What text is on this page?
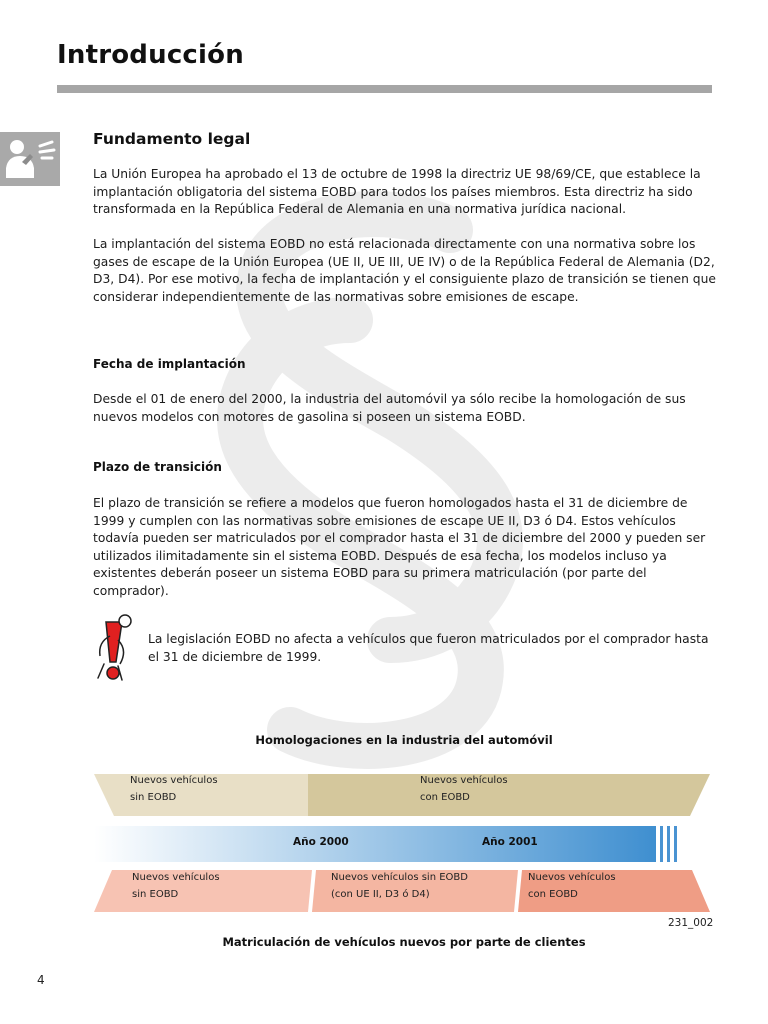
Introducción
Fundamento legal

La Unión Europea ha aprobado el 13 de octubre de 1998 la directriz UE 98/69/CE, que establece la implantación obligatoria del sistema EOBD para todos los países miembros. Esta directriz ha sido transformada en la República Federal de Alemania en una normativa jurídica nacional.

La implantación del sistema EOBD no está relacionada directamente con una normativa sobre los gases de escape de la Unión Europea (UE II, UE III, UE IV) o de la República Federal de Alemania (D2, D3, D4). Por ese motivo, la fecha de implantación y el consiguiente plazo de transición se tienen que considerar independientemente de las normativas sobre emisiones de escape.

Fecha de implantación

Desde el 01 de enero del 2000, la industria del automóvil ya sólo recibe la homologación de sus nuevos modelos con motores de gasolina si poseen un sistema EOBD.

Plazo de transición

El plazo de transición se refiere a modelos que fueron homologados hasta el 31 de diciembre de 1999 y cumplen con las normativas sobre emisiones de escape UE II, D3 ó D4. Estos vehículos todavía pueden ser matriculados por el comprador hasta el 31 de diciembre del 2000 y pueden ser utilizados ilimitadamente sin el sistema EOBD. Después de esa fecha, los modelos incluso ya existentes deberán poseer un sistema EOBD para su primera matriculación (por parte del comprador).

La legislación EOBD no afecta a vehículos que fueron matriculados por el comprador hasta el 31 de diciembre de 1999.

Homologaciones en la industria del automóvil
Nuevos vehículos
sin EOBD
Nuevos vehículos
con EOBD
Año 2000	Año 2001
Nuevos vehículos
sin EOBD
Nuevos vehículos sin EOBD
(con UE II, D3 ó D4)
Nuevos vehículos
con EOBD
231_002
Matriculación de vehículos nuevos por parte de clientes
4
